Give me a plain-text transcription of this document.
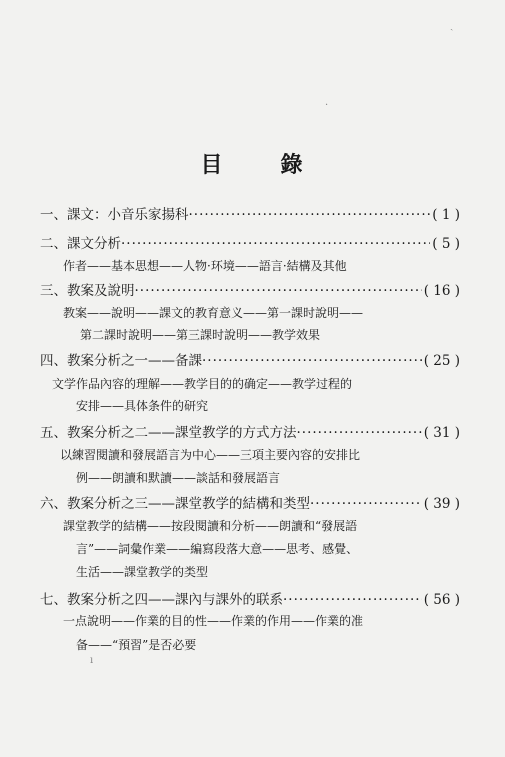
目	錄
一、課文：小音乐家揚科 ·····	( 1 )
二、課文分析 ·····	( 5 )
作者——基本思想——人物·环境——語言·結構及其他
三、教案及說明 ·····	( 16 )
教案——說明——課文的教育意义——第一課时說明——
第二課时說明——第三課时說明——教学效果
四、教案分析之一——备課 ·····	( 25 )
文学作品內容的理解——教学目的的确定——教学过程的
安排——具体条件的研究
五、教案分析之二——課堂教学的方式方法 ·····	( 31 )
以練習閱讀和發展語言为中心——三項主要內容的安排比
例——朗讀和默讀——談話和發展語言
六、教案分析之三——課堂教学的結構和类型 ·····	( 39 )
課堂教学的結構——按段閱讀和分析——朗讀和“發展語
言”——詞彙作業——編寫段落大意——思考、感覺、
生活——課堂教学的类型
七、教案分析之四——課內与課外的联系 ·····	( 56 )
一点說明——作業的目的性——作業的作用——作業的准
备——“預習”是否必要
ˎ
·
ı
